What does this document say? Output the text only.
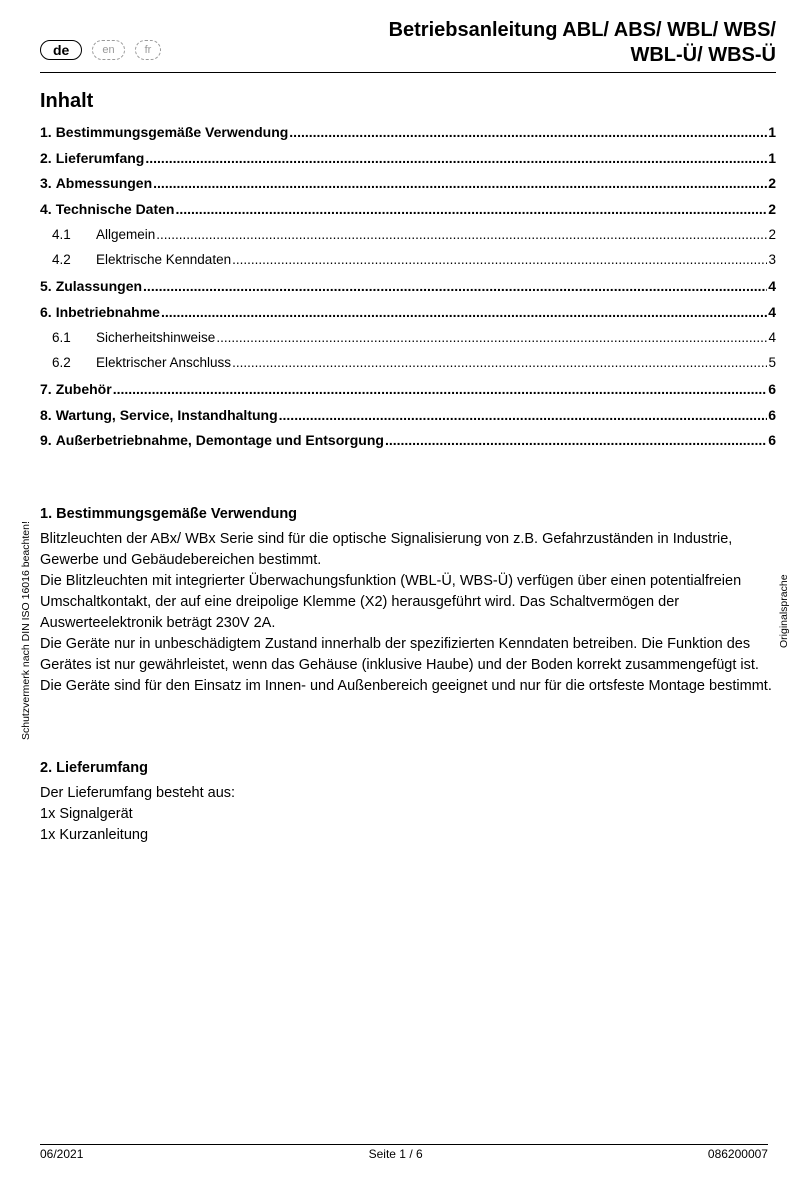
de	en	fr
Betriebsanleitung ABL/ ABS/ WBL/ WBS/
WBL-Ü/ WBS-Ü
Inhalt
1. Bestimmungsgemäße Verwendung .....	1
2. Lieferumfang .....	1
3. Abmessungen .....	2
4. Technische Daten .....	2
4.1	Allgemein .....	2
4.2	Elektrische Kenndaten .....	3
5. Zulassungen .....	4
6. Inbetriebnahme .....	4
6.1	Sicherheitshinweise .....	4
6.2	Elektrischer Anschluss .....	5
7. Zubehör .....	6
8. Wartung, Service, Instandhaltung .....	6
9. Außerbetriebnahme, Demontage und Entsorgung .....	6
1. Bestimmungsgemäße Verwendung

Blitzleuchten der ABx/ WBx Serie sind für die optische Signalisierung von z.B. Gefahrzuständen in Industrie, Gewerbe und Gebäudebereichen bestimmt.

Die Blitzleuchten mit integrierter Überwachungsfunktion (WBL-Ü, WBS-Ü) verfügen über einen potentialfreien Umschaltkontakt, der auf eine dreipolige Klemme (X2) herausgeführt wird. Das Schaltvermögen der Auswerteelektronik beträgt 230V 2A.

Die Geräte nur in unbeschädigtem Zustand innerhalb der spezifizierten Kenndaten betreiben. Die Funktion des Gerätes ist nur gewährleistet, wenn das Gehäuse (inklusive Haube) und der Boden korrekt zusammengefügt ist.

Die Geräte sind für den Einsatz im Innen- und Außenbereich geeignet und nur für die ortsfeste Montage bestimmt.

2. Lieferumfang

Der Lieferumfang besteht aus:

1x Signalgerät

1x Kurzanleitung

Schutzvermerk nach DIN ISO 16016 beachten!	Originalsprache
06/2021	Seite 1 / 6	086200007
